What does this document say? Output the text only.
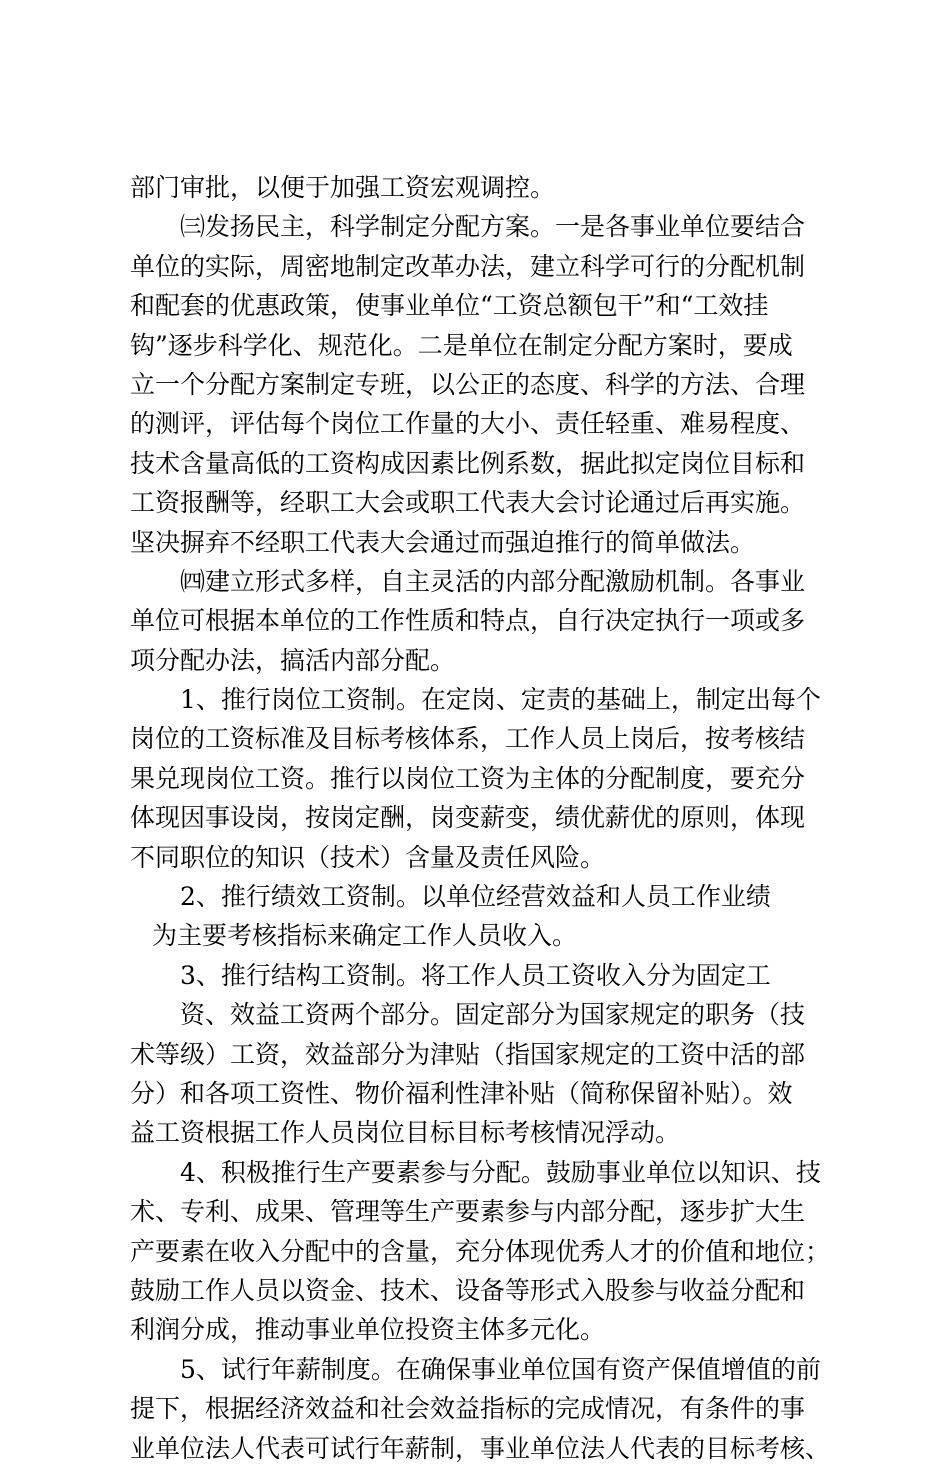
部门审批，以便于加强工资宏观调控。
㈢发扬民主，科学制定分配方案。一是各事业单位要结合
单位的实际，周密地制定改革办法，建立科学可行的分配机制
和配套的优惠政策，使事业单位“工资总额包干”和“工效挂
钩”逐步科学化、规范化。二是单位在制定分配方案时，要成
立一个分配方案制定专班，以公正的态度、科学的方法、合理
的测评，评估每个岗位工作量的大小、责任轻重、难易程度、
技术含量高低的工资构成因素比例系数，据此拟定岗位目标和
工资报酬等，经职工大会或职工代表大会讨论通过后再实施。
坚决摒弃不经职工代表大会通过而强迫推行的简单做法。
㈣建立形式多样，自主灵活的内部分配激励机制。各事业
单位可根据本单位的工作性质和特点，自行决定执行一项或多
项分配办法，搞活内部分配。
1、推行岗位工资制。在定岗、定责的基础上，制定出每个
岗位的工资标准及目标考核体系，工作人员上岗后，按考核结
果兑现岗位工资。推行以岗位工资为主体的分配制度，要充分
体现因事设岗，按岗定酬，岗变薪变，绩优薪优的原则，体现
不同职位的知识（技术）含量及责任风险。
2、推行绩效工资制。以单位经营效益和人员工作业绩
为主要考核指标来确定工作人员收入。
3、推行结构工资制。将工作人员工资收入分为固定工
资、效益工资两个部分。固定部分为国家规定的职务（技
术等级）工资，效益部分为津贴（指国家规定的工资中活的部
分）和各项工资性、物价福利性津补贴（简称保留补贴）。效
益工资根据工作人员岗位目标目标考核情况浮动。
4、积极推行生产要素参与分配。鼓励事业单位以知识、技
术、专利、成果、管理等生产要素参与内部分配，逐步扩大生
产要素在收入分配中的含量，充分体现优秀人才的价值和地位；
鼓励工作人员以资金、技术、设备等形式入股参与收益分配和
利润分成，推动事业单位投资主体多元化。
5、试行年薪制度。在确保事业单位国有资产保值增值的前
提下，根据经济效益和社会效益指标的完成情况，有条件的事
业单位法人代表可试行年薪制，事业单位法人代表的目标考核、
